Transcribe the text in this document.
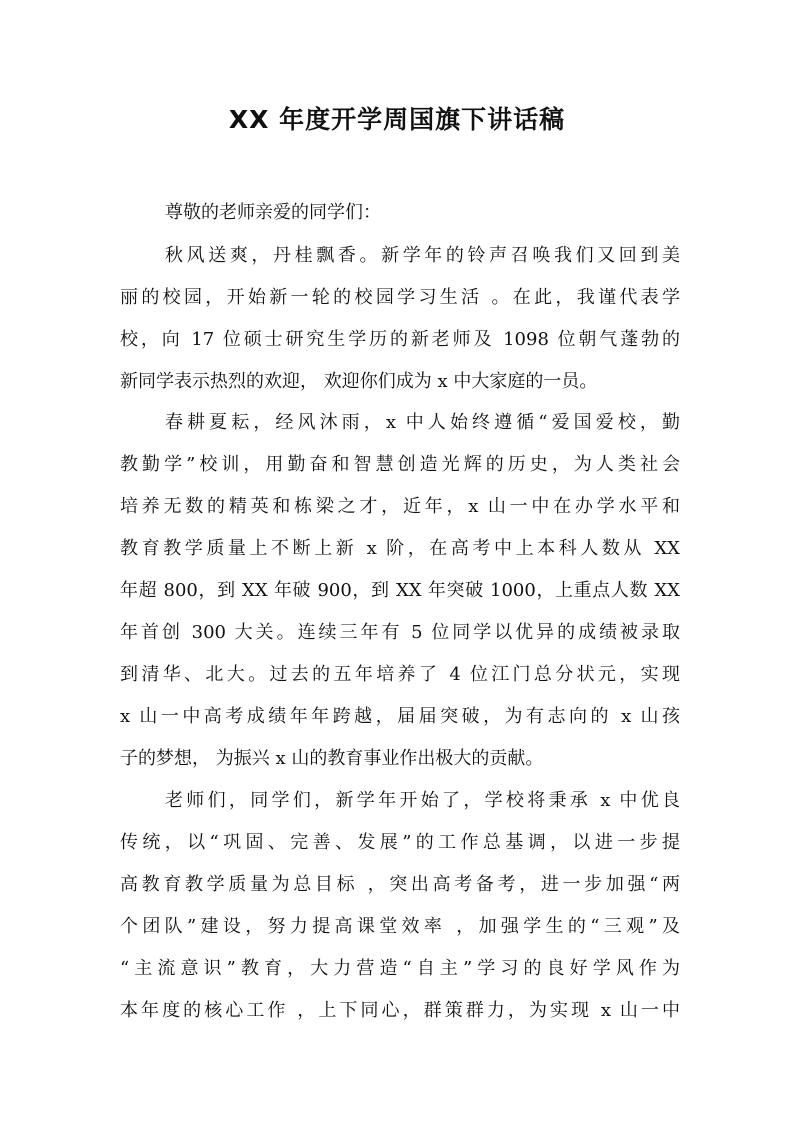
XX 年度开学周国旗下讲话稿
尊敬的老师亲爱的同学们：
秋风送爽，丹桂飘香。新学年的铃声召唤我们又回到美
丽的校园，开始新一轮的校园学习生活 。在此，我谨代表学
校，向 17 位硕士研究生学历的新老师及 1098 位朝气蓬勃的
新同学表示热烈的欢迎， 欢迎你们成为 x 中大家庭的一员。
春耕夏耘，经风沐雨，x 中人始终遵循“爱国爱校，勤
教勤学”校训，用勤奋和智慧创造光辉的历史，为人类社会
培养无数的精英和栋梁之才，近年，x 山一中在办学水平和
教育教学质量上不断上新 x 阶，在高考中上本科人数从 XX
年超 800，到 XX 年破 900，到 XX 年突破 1000，上重点人数 XX
年首创 300 大关。连续三年有 5 位同学以优异的成绩被录取
到清华、北大。过去的五年培养了 4 位江门总分状元，实现
x 山一中高考成绩年年跨越，届届突破，为有志向的 x 山孩
子的梦想， 为振兴 x 山的教育事业作出极大的贡献。
老师们，同学们，新学年开始了，学校将秉承 x 中优良
传统，以“巩固、完善、发展”的工作总基调，以进一步提
高教育教学质量为总目标 ，突出高考备考，进一步加强“两
个团队”建设，努力提高课堂效率 ，加强学生的“三观”及
“主流意识”教育，大力营造“自主”学习的良好学风作为
本年度的核心工作 ，上下同心，群策群力，为实现 x 山一中
